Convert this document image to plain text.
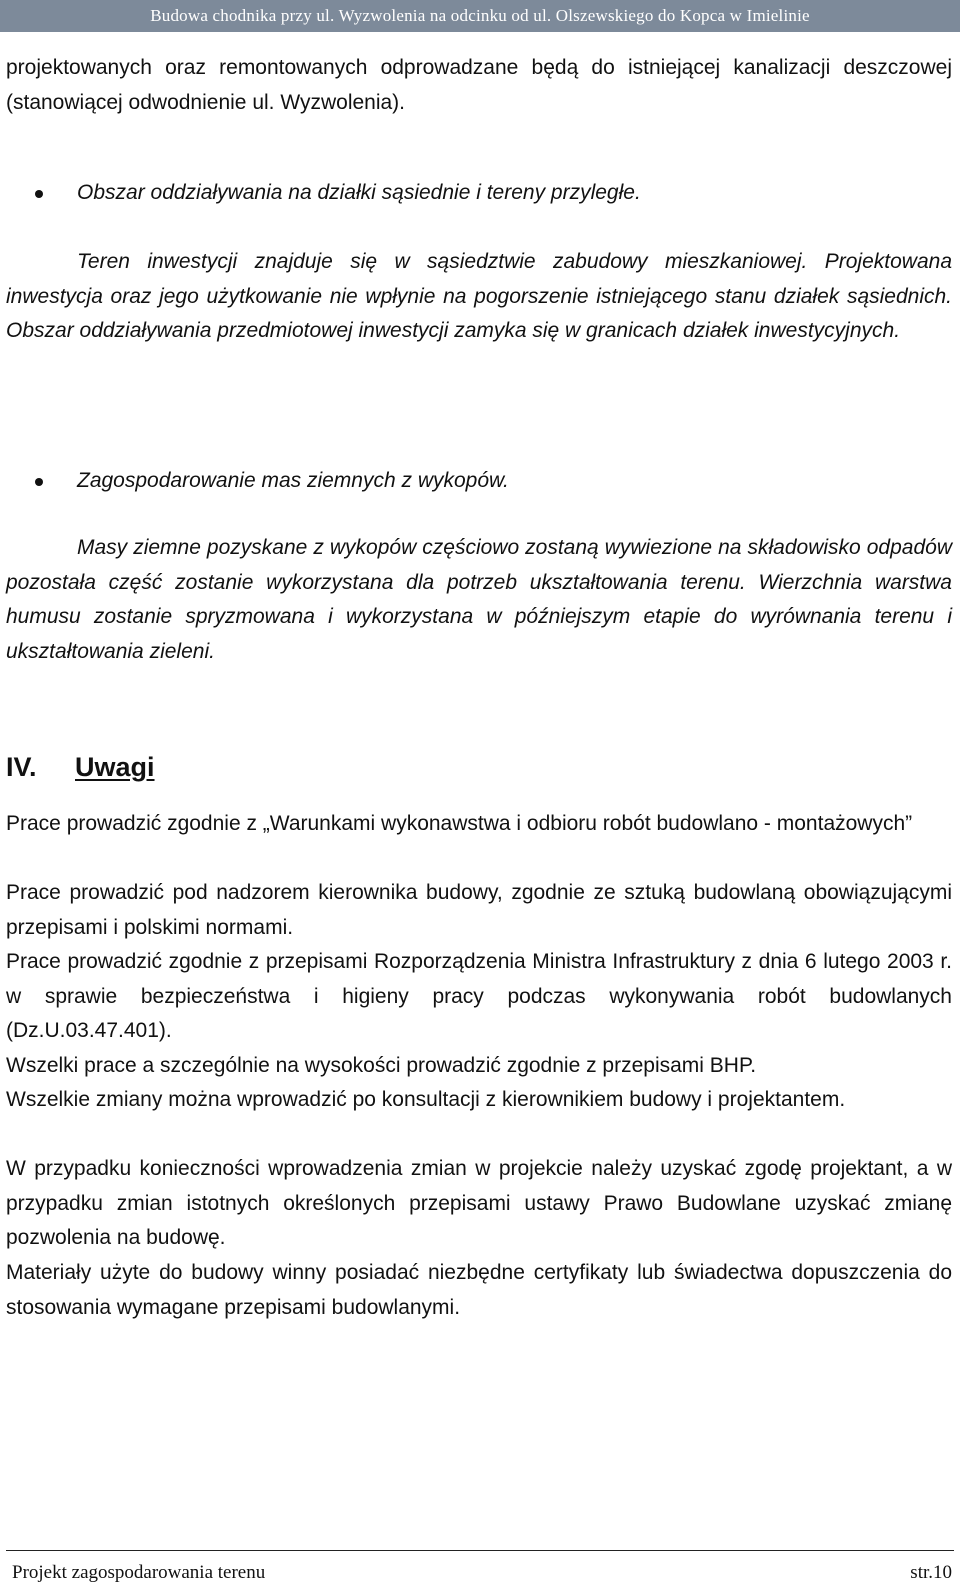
Budowa chodnika przy ul. Wyzwolenia na odcinku od ul. Olszewskiego do Kopca w Imielinie

projektowanych oraz remontowanych odprowadzane będą do istniejącej kanalizacji deszczowej (stanowiącej odwodnienie ul. Wyzwolenia).

Obszar oddziaływania na działki sąsiednie i tereny przyległe.

Teren inwestycji znajduje się w sąsiedztwie zabudowy mieszkaniowej. Projektowana inwestycja oraz jego użytkowanie nie wpłynie na pogorszenie istniejącego stanu działek sąsiednich. Obszar oddziaływania przedmiotowej inwestycji zamyka się w granicach działek inwestycyjnych.

Zagospodarowanie mas ziemnych z wykopów.

Masy ziemne pozyskane z wykopów częściowo zostaną wywiezione na składowisko odpadów pozostała część zostanie wykorzystana dla potrzeb ukształtowania terenu. Wierzchnia warstwa humusu zostanie spryzmowana i wykorzystana w późniejszym etapie do wyrównania terenu i ukształtowania zieleni.

IV. Uwagi

Prace prowadzić zgodnie z „Warunkami wykonawstwa i odbioru robót budowlano - montażowych”

Prace prowadzić pod nadzorem kierownika budowy, zgodnie ze sztuką budowlaną obowiązującymi przepisami i polskimi normami.

Prace prowadzić zgodnie z przepisami Rozporządzenia Ministra Infrastruktury z dnia 6 lutego 2003 r. w sprawie bezpieczeństwa i higieny pracy podczas wykonywania robót budowlanych (Dz.U.03.47.401).

Wszelki prace a szczególnie na wysokości prowadzić zgodnie z przepisami BHP.

Wszelkie zmiany można wprowadzić po konsultacji z kierownikiem budowy i projektantem.

W przypadku konieczności wprowadzenia zmian w projekcie należy uzyskać zgodę projektant, a w przypadku zmian istotnych określonych przepisami ustawy Prawo Budowlane uzyskać zmianę pozwolenia na budowę.

Materiały użyte do budowy winny posiadać niezbędne certyfikaty lub świadectwa dopuszczenia do stosowania wymagane przepisami budowlanymi.

Projekt zagospodarowania terenu	str.10
